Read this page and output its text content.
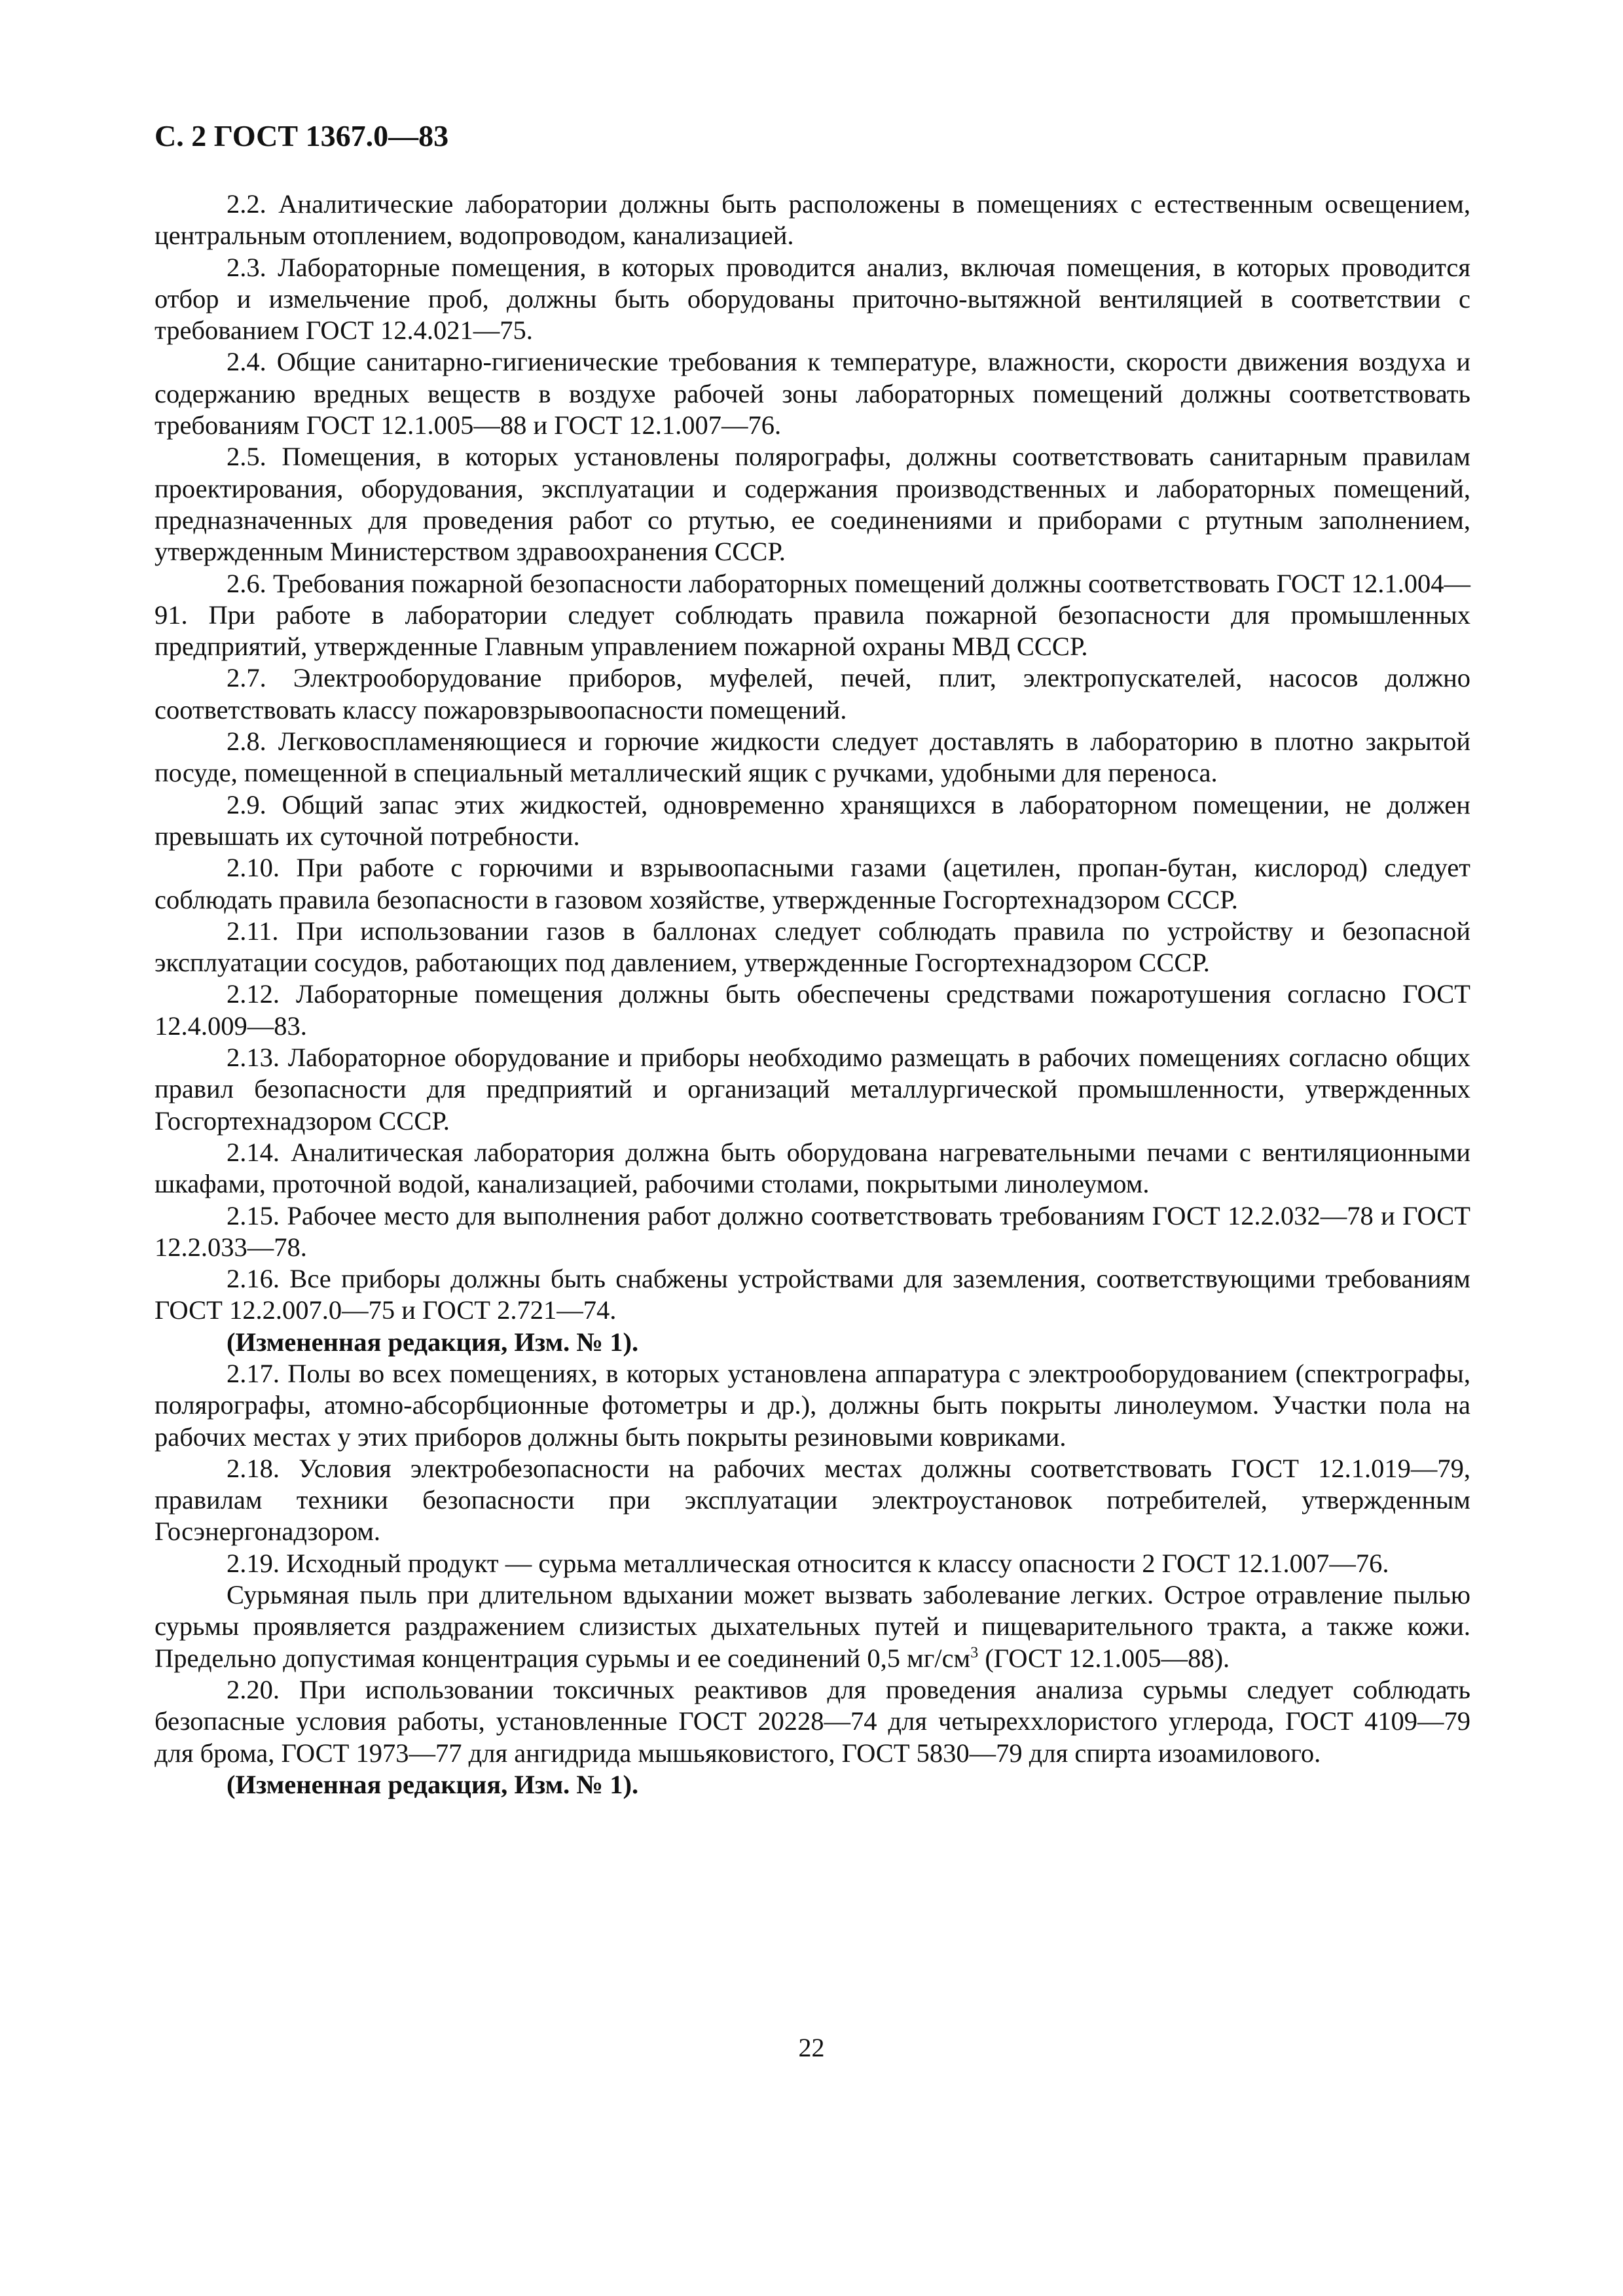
С. 2 ГОСТ 1367.0—83

2.2. Аналитические лаборатории должны быть расположены в помещениях с естественным освещением, центральным отоплением, водопроводом, канализацией.

2.3. Лабораторные помещения, в которых проводится анализ, включая помещения, в которых проводится отбор и измельчение проб, должны быть оборудованы приточно-вытяжной вентиляцией в соответствии с требованием ГОСТ 12.4.021—75.

2.4. Общие санитарно-гигиенические требования к температуре, влажности, скорости движения воздуха и содержанию вредных веществ в воздухе рабочей зоны лабораторных помещений должны соответствовать требованиям ГОСТ 12.1.005—88 и ГОСТ 12.1.007—76.

2.5. Помещения, в которых установлены полярографы, должны соответствовать санитарным правилам проектирования, оборудования, эксплуатации и содержания производственных и лабораторных помещений, предназначенных для проведения работ со ртутью, ее соединениями и приборами с ртутным заполнением, утвержденным Министерством здравоохранения СССР.

2.6. Требования пожарной безопасности лабораторных помещений должны соответствовать ГОСТ 12.1.004—91. При работе в лаборатории следует соблюдать правила пожарной безопасности для промышленных предприятий, утвержденные Главным управлением пожарной охраны МВД СССР.

2.7. Электрооборудование приборов, муфелей, печей, плит, электропускателей, насосов должно соответствовать классу пожаровзрывоопасности помещений.

2.8. Легковоспламеняющиеся и горючие жидкости следует доставлять в лабораторию в плотно закрытой посуде, помещенной в специальный металлический ящик с ручками, удобными для переноса.

2.9. Общий запас этих жидкостей, одновременно хранящихся в лабораторном помещении, не должен превышать их суточной потребности.

2.10. При работе с горючими и взрывоопасными газами (ацетилен, пропан-бутан, кислород) следует соблюдать правила безопасности в газовом хозяйстве, утвержденные Госгортехнадзором СССР.

2.11. При использовании газов в баллонах следует соблюдать правила по устройству и безопасной эксплуатации сосудов, работающих под давлением, утвержденные Госгортехнадзором СССР.

2.12. Лабораторные помещения должны быть обеспечены средствами пожаротушения согласно ГОСТ 12.4.009—83.

2.13. Лабораторное оборудование и приборы необходимо размещать в рабочих помещениях согласно общих правил безопасности для предприятий и организаций металлургической промышленности, утвержденных Госгортехнадзором СССР.

2.14. Аналитическая лаборатория должна быть оборудована нагревательными печами с вентиляционными шкафами, проточной водой, канализацией, рабочими столами, покрытыми линолеумом.

2.15. Рабочее место для выполнения работ должно соответствовать требованиям ГОСТ 12.2.032—78 и ГОСТ 12.2.033—78.

2.16. Все приборы должны быть снабжены устройствами для заземления, соответствующими требованиям ГОСТ 12.2.007.0—75 и ГОСТ 2.721—74.

(Измененная редакция, Изм. № 1).

2.17. Полы во всех помещениях, в которых установлена аппаратура с электрооборудованием (спектрографы, полярографы, атомно-абсорбционные фотометры и др.), должны быть покрыты линолеумом. Участки пола на рабочих местах у этих приборов должны быть покрыты резиновыми ковриками.

2.18. Условия электробезопасности на рабочих местах должны соответствовать ГОСТ 12.1.019—79, правилам техники безопасности при эксплуатации электроустановок потребителей, утвержденным Госэнергонадзором.

2.19. Исходный продукт — сурьма металлическая относится к классу опасности 2 ГОСТ 12.1.007—76.

Сурьмяная пыль при длительном вдыхании может вызвать заболевание легких. Острое отравление пылью сурьмы проявляется раздражением слизистых дыхательных путей и пищеварительного тракта, а также кожи. Предельно допустимая концентрация сурьмы и ее соединений 0,5 $мг/см^3$ (ГОСТ 12.1.005—88).

2.20. При использовании токсичных реактивов для проведения анализа сурьмы следует соблюдать безопасные условия работы, установленные ГОСТ 20228—74 для четыреххлористого углерода, ГОСТ 4109—79 для брома, ГОСТ 1973—77 для ангидрида мышьяковистого, ГОСТ 5830—79 для спирта изоамилового.

(Измененная редакция, Изм. № 1).

22
